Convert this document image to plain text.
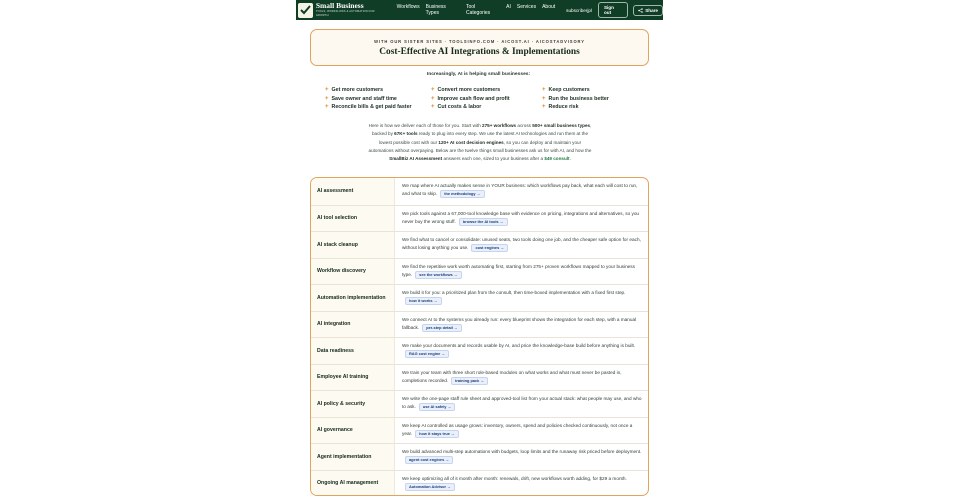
Small Business
TOOLS, WORKFLOWS & AUTOMATION FOR GROWTH
Workflows Business Types
Tool Categories
AI Services About subscriberjpl	Sign out	Share
WITH OUR SISTER SITES · TOOLSINFO.COM · AICOST.AI · AICOSTADVISORY
Cost-Effective AI Integrations & Implementations
Increasingly, AI is helping small businesses:
+ Get more customers	+ Convert more customers	+ Keep customers
+ Save owner and staff time	+ Improve cash flow and profit	+ Run the business better
+ Reconcile bills & get paid faster	+ Cut costs & labor	+ Reduce risk
Here is how we deliver each of those for you. Start with 275+ workflows across 500+ small business types, backed by 67K+ tools ready to plug into every step. We use the latest AI technologies and run them at the lowest possible cost with our 120+ AI cost decision engines, so you can deploy and maintain your automations without overpaying. Below are the twelve things small businesses ask us for with AI, and how the SmallBiz AI Assessment answers each one, sized to your business after a $49 consult.
AI assessment
We map where AI actually makes sense in YOUR business: which workflows pay back, what each will cost to run, and what to skip. the methodology →
AI tool selection
We pick tools against a 67,000-tool knowledge base with evidence on pricing, integrations and alternatives, so you never buy the wrong stuff. browse the AI tools →
AI stack cleanup
We find what to cancel or consolidate: unused seats, two tools doing one job, and the cheaper safe option for each, without losing anything you use. cost engines →
Workflow discovery
We find the repetitive work worth automating first, starting from 275+ proven workflows mapped to your business type. see the workflows →
Automation implementation
We build it for you: a prioritized plan from the consult, then time-boxed implementation with a fixed first step.how it works →
AI integration
We connect AI to the systems you already run: every blueprint shows the integration for each step, with a manual fallback. per-step detail →
Data readiness
We make your documents and records usable by AI, and price the knowledge-base build before anything is built.RAG cost engine →
Employee AI training
We train your team with three short role-based modules on what works and what must never be pasted in, completions recorded. training pack →
AI policy & security
We write the one-page staff rule sheet and approved-tool list from your actual stack: what people may use, and who to ask. use AI safely →
AI governance
We keep AI controlled as usage grows: inventory, owners, spend and policies checked continuously, not once a year. how it stays true →
Agent implementation
We build advanced multi-step automations with budgets, loop limits and the runaway risk priced before deployment.agent cost engines →
Ongoing AI management
We keep optimizing all of it month after month: renewals, drift, new workflows worth adding, for $29 a month.Automation Advisor →
